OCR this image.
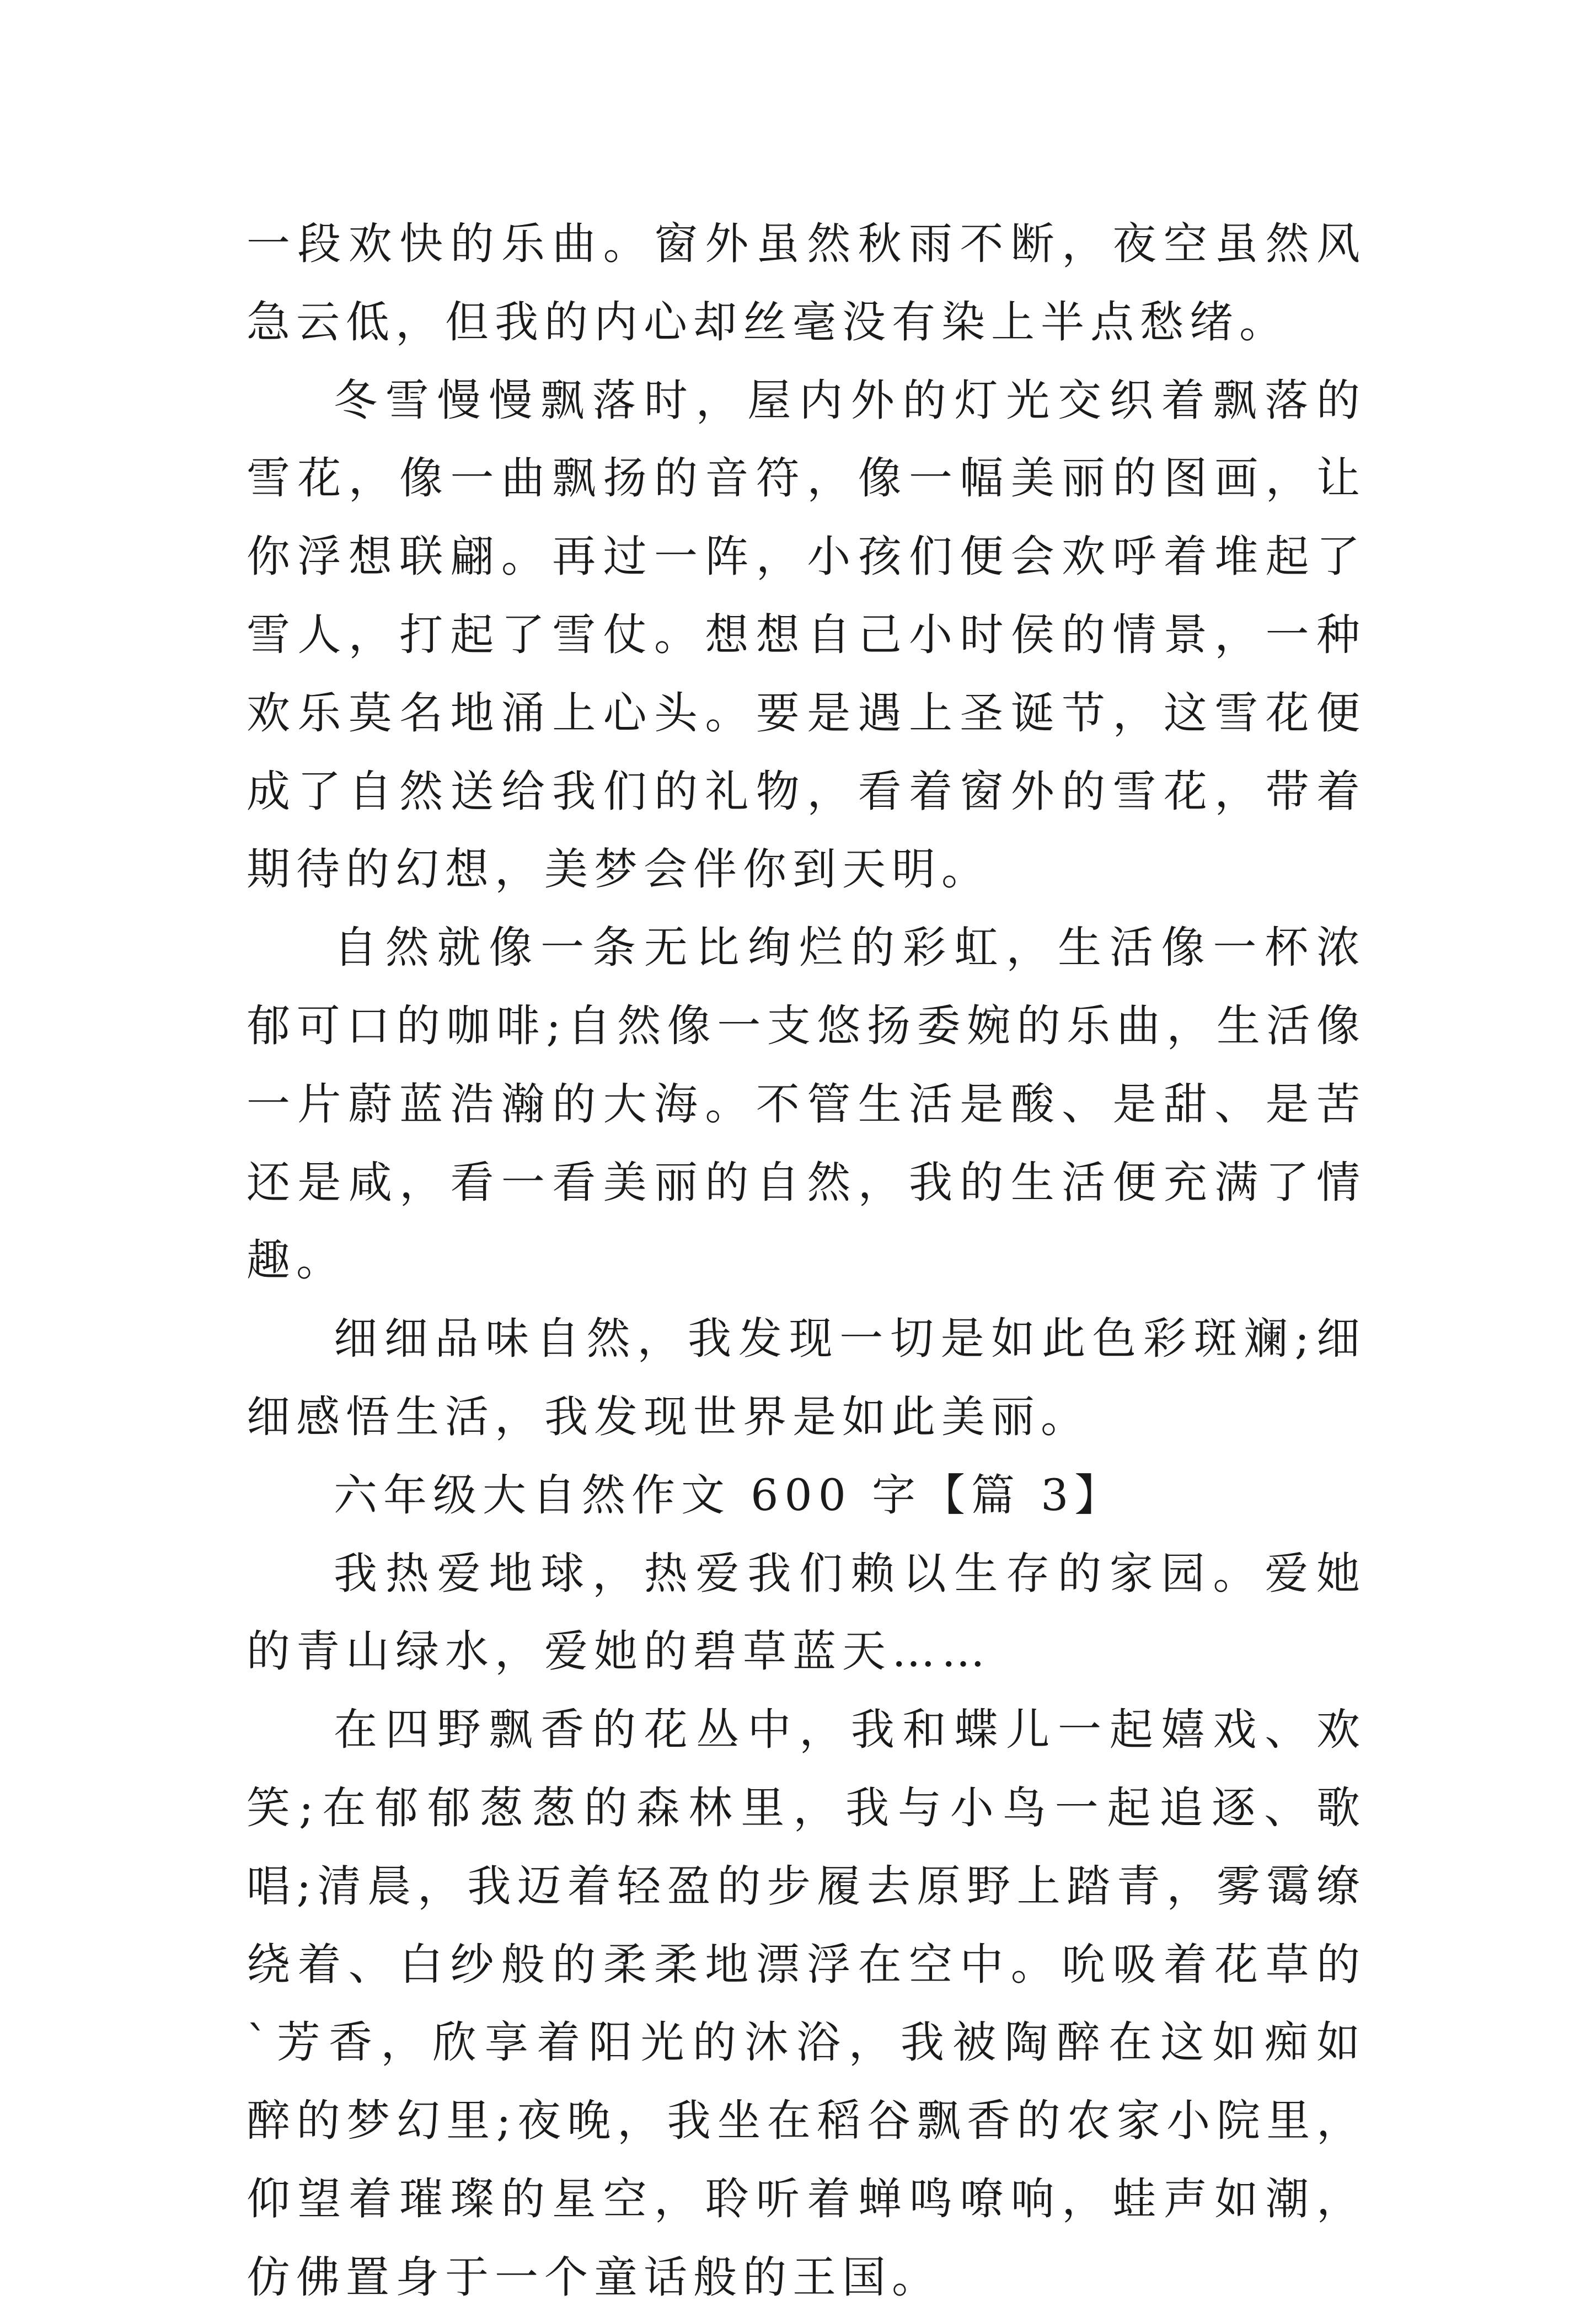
一段欢快的乐曲。窗外虽然秋雨不断，夜空虽然风急云低，但我的内心却丝毫没有染上半点愁绪。

冬雪慢慢飘落时，屋内外的灯光交织着飘落的雪花，像一曲飘扬的音符，像一幅美丽的图画，让你浮想联翩。再过一阵，小孩们便会欢呼着堆起了雪人，打起了雪仗。想想自己小时侯的情景，一种欢乐莫名地涌上心头。要是遇上圣诞节，这雪花便成了自然送给我们的礼物，看着窗外的雪花，带着期待的幻想，美梦会伴你到天明。

自然就像一条无比绚烂的彩虹，生活像一杯浓郁可口的咖啡;自然像一支悠扬委婉的乐曲，生活像一片蔚蓝浩瀚的大海。不管生活是酸、是甜、是苦还是咸，看一看美丽的自然，我的生活便充满了情趣。

细细品味自然，我发现一切是如此色彩斑斓;细细感悟生活，我发现世界是如此美丽。

六年级大自然作文 600 字【篇 3】

我热爱地球，热爱我们赖以生存的家园。爱她的青山绿水，爱她的碧草蓝天……

在四野飘香的花丛中，我和蝶儿一起嬉戏、欢笑;在郁郁葱葱的森林里，我与小鸟一起追逐、歌唱;清晨，我迈着轻盈的步履去原野上踏青，雾霭缭绕着、白纱般的柔柔地漂浮在空中。吮吸着花草的`芳香，欣享着阳光的沐浴，我被陶醉在这如痴如醉的梦幻里;夜晚，我坐在稻谷飘香的农家小院里，仰望着璀璨的星空，聆听着蝉鸣嘹响，蛙声如潮，仿佛置身于一个童话般的王国。
